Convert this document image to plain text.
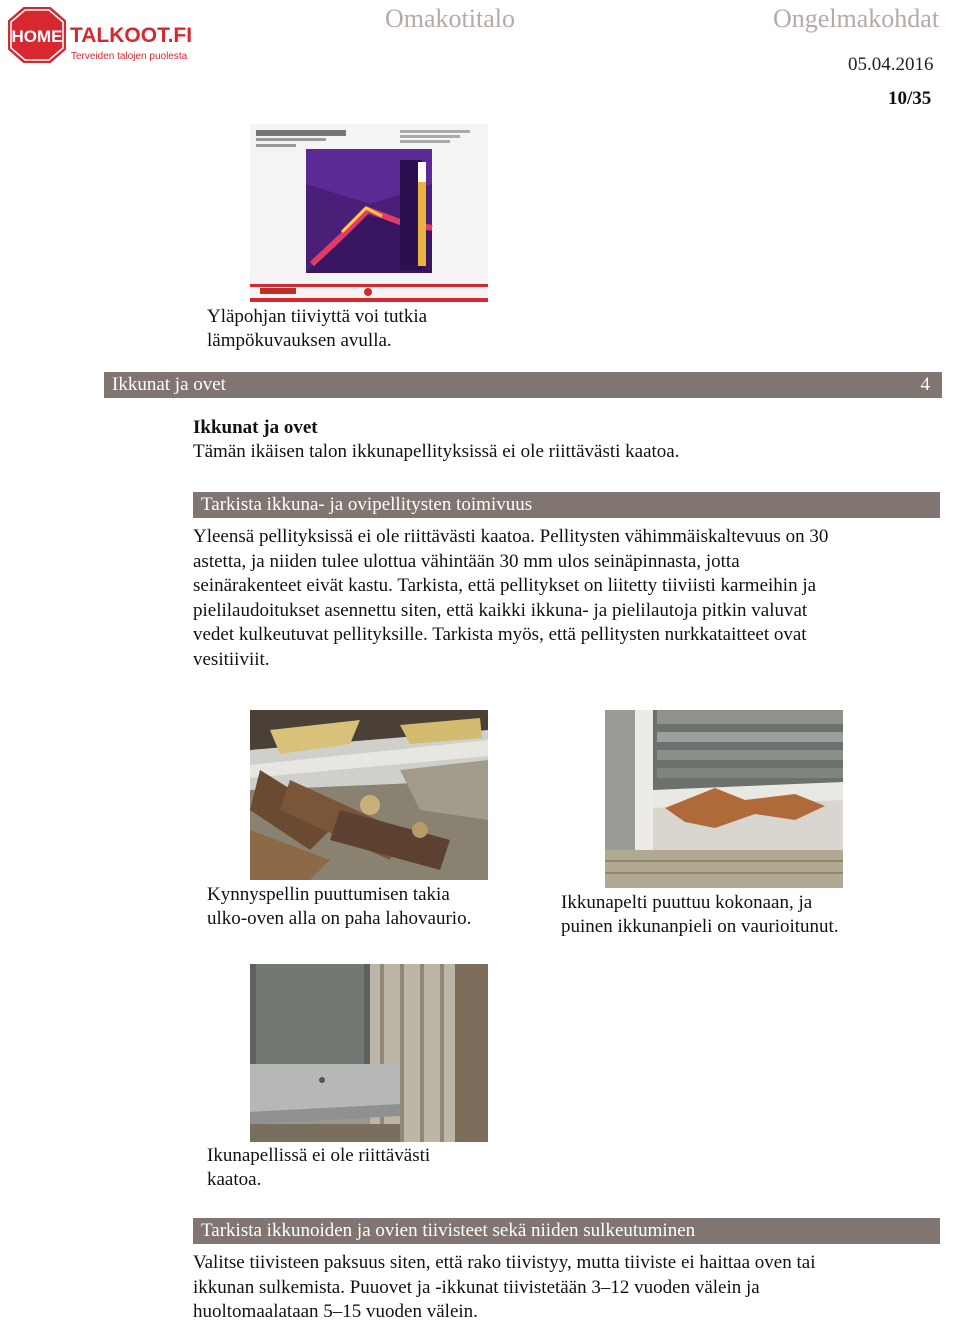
HOME TALKOOT.FI
Terveiden talojen puolesta
Omakotitalo	Ongelmakohdat
05.04.2016
10/35
Yläpohjan tiiviyttä voi tutkia
lämpökuvauksen avulla.
Ikkunat ja ovet	4
Ikkunat ja ovet
Tämän ikäisen talon ikkunapellityksissä ei ole riittävästi kaatoa.
Tarkista ikkuna- ja ovipellitysten toimivuus
Yleensä pellityksissä ei ole riittävästi kaatoa. Pellitysten vähimmäiskaltevuus on 30
astetta, ja niiden tulee ulottua vähintään 30 mm ulos seinäpinnasta, jotta
seinärakenteet eivät kastu. Tarkista, että pellitykset on liitetty tiiviisti karmeihin ja
pielilaudoitukset asennettu siten, että kaikki ikkuna- ja pielilautoja pitkin valuvat
vedet kulkeutuvat pellityksille. Tarkista myös, että pellitysten nurkkataitteet ovat
vesitiiviit.
Kynnyspellin puuttumisen takia
ulko-oven alla on paha lahovaurio.
Ikkunapelti puuttuu kokonaan, ja
puinen ikkunanpieli on vaurioitunut.
Ikunapellissä ei ole riittävästi
kaatoa.
Tarkista ikkunoiden ja ovien tiivisteet sekä niiden sulkeutuminen
Valitse tiivisteen paksuus siten, että rako tiivistyy, mutta tiiviste ei haittaa oven tai
ikkunan sulkemista. Puuovet ja -ikkunat tiivistetään 3–12 vuoden välein ja
huoltomaalataan 5–15 vuoden välein.
